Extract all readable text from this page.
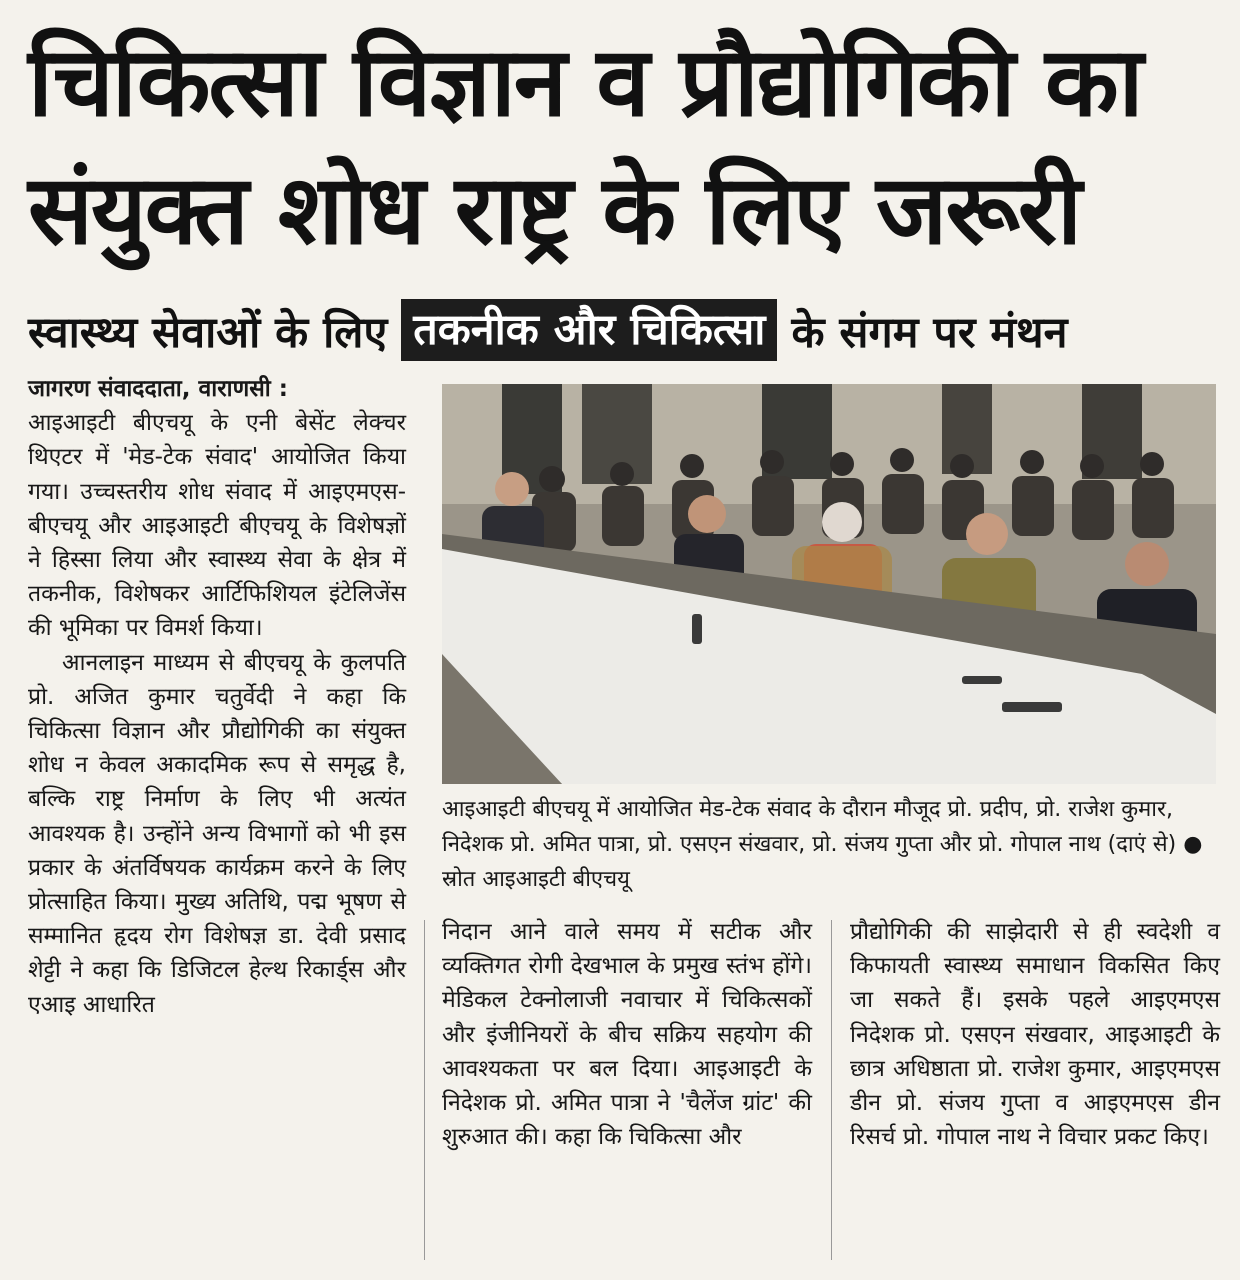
चिकित्सा विज्ञान व प्रौद्योगिकी का
संयुक्त शोध राष्ट्र के लिए जरूरी
स्वास्थ्य सेवाओं के लिए तकनीक और चिकित्सा के संगम पर मंथन

जागरण संवाददाता, वाराणसी :

आइआइटी बीएचयू के एनी बेसेंट लेक्चर थिएटर में 'मेड-टेक संवाद' आयोजित किया गया। उच्चस्तरीय शोध संवाद में आइएमएस-बीएचयू और आइआइटी बीएचयू के विशेषज्ञों ने हिस्सा लिया और स्वास्थ्य सेवा के क्षेत्र में तकनीक, विशेषकर आर्टिफिशियल इंटेलिजेंस की भूमिका पर विमर्श किया।

आनलाइन माध्यम से बीएचयू के कुलपति प्रो. अजित कुमार चतुर्वेदी ने कहा कि चिकित्सा विज्ञान और प्रौद्योगिकी का संयुक्त शोध न केवल अकादमिक रूप से समृद्ध है, बल्कि राष्ट्र निर्माण के लिए भी अत्यंत आवश्यक है। उन्होंने अन्य विभागों को भी इस प्रकार के अंतर्विषयक कार्यक्रम करने के लिए प्रोत्साहित किया। मुख्य अतिथि, पद्म भूषण से सम्मानित हृदय रोग विशेषज्ञ डा. देवी प्रसाद शेट्टी ने कहा कि डिजिटल हेल्थ रिकार्ड्स और एआइ आधारित

आइआइटी बीएचयू में आयोजित मेड-टेक संवाद के दौरान मौजूद प्रो. प्रदीप, प्रो. राजेश कुमार, निदेशक प्रो. अमित पात्रा, प्रो. एसएन संखवार, प्रो. संजय गुप्ता और प्रो. गोपाल नाथ (दाएं से) ● स्रोत आइआइटी बीएचयू

निदान आने वाले समय में सटीक और व्यक्तिगत रोगी देखभाल के प्रमुख स्तंभ होंगे। मेडिकल टेक्नोलाजी नवाचार में चिकित्सकों और इंजीनियरों के बीच सक्रिय सहयोग की आवश्यकता पर बल दिया। आइआइटी के निदेशक प्रो. अमित पात्रा ने 'चैलेंज ग्रांट' की शुरुआत की। कहा कि चिकित्सा और

प्रौद्योगिकी की साझेदारी से ही स्वदेशी व किफायती स्वास्थ्य समाधान विकसित किए जा सकते हैं। इसके पहले आइएमएस निदेशक प्रो. एसएन संखवार, आइआइटी के छात्र अधिष्ठाता प्रो. राजेश कुमार, आइएमएस डीन प्रो. संजय गुप्ता व आइएमएस डीन रिसर्च प्रो. गोपाल नाथ ने विचार प्रकट किए।
